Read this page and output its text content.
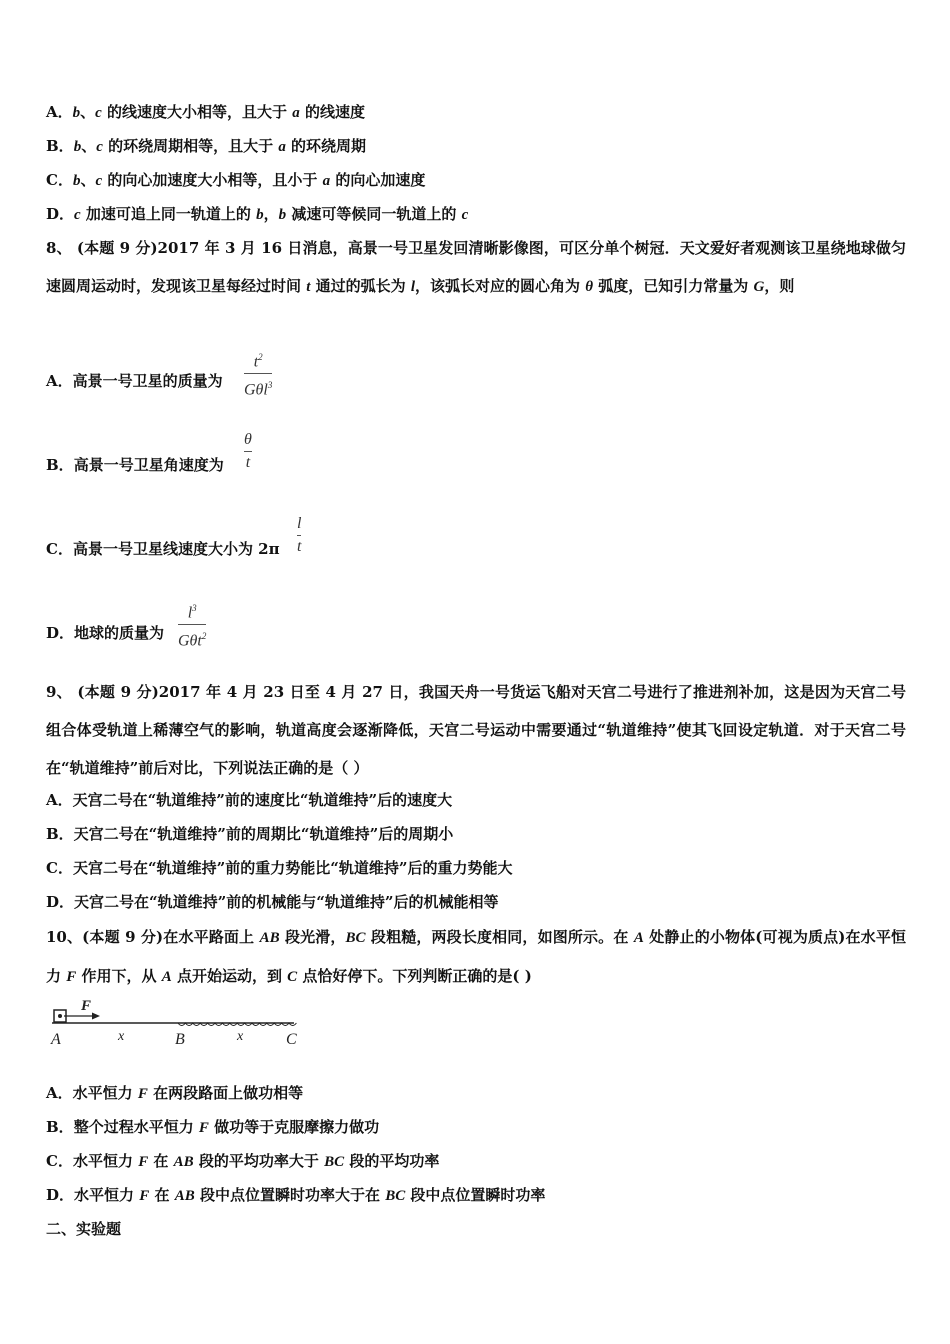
A．b、c 的线速度大小相等，且大于 a 的线速度
B．b、c 的环绕周期相等，且大于 a 的环绕周期
C．b、c 的向心加速度大小相等，且小于 a 的向心加速度
D．c 加速可追上同一轨道上的 b，b 减速可等候同一轨道上的 c
8、 (本题 9 分)2017 年 3 月 16 日消息，高景一号卫星发回清晰影像图，可区分单个树冠．天文爱好者观测该卫星绕地球做匀速圆周运动时，发现该卫星每经过时间 t 通过的弧长为 l，该弧长对应的圆心角为 θ 弧度，已知引力常量为 G，则
A．高景一号卫星的质量为
$t^2$
Gθl$^3$
B．高景一号卫星角速度为
θ
t
C．高景一号卫星线速度大小为 2π
l
t
D．地球的质量为
$l^3$
Gθt$^2$
9、 (本题 9 分)2017 年 4 月 23 日至 4 月 27 日，我国天舟一号货运飞船对天宫二号进行了推进剂补加，这是因为天宫二号组合体受轨道上稀薄空气的影响，轨道高度会逐渐降低，天宫二号运动中需要通过“轨道维持”使其飞回设定轨道．对于天宫二号在“轨道维持”前后对比，下列说法正确的是（ ）
A．天宫二号在“轨道维持”前的速度比“轨道维持”后的速度大
B．天宫二号在“轨道维持”前的周期比“轨道维持”后的周期小
C．天宫二号在“轨道维持”前的重力势能比“轨道维持”后的重力势能大
D．天宫二号在“轨道维持”前的机械能与“轨道维持”后的机械能相等
10、(本题 9 分)在水平路面上 AB 段光滑，BC 段粗糙，两段长度相同，如图所示。在 A 处静止的小物体(可视为质点)在水平恒力 F 作用下，从 A 点开始运动，到 C 点恰好停下。下列判断正确的是( )
F
A	x	B	x	C
A．水平恒力 F 在两段路面上做功相等
B．整个过程水平恒力 F 做功等于克服摩擦力做功
C．水平恒力 F 在 AB 段的平均功率大于 BC 段的平均功率
D．水平恒力 F 在 AB 段中点位置瞬时功率大于在 BC 段中点位置瞬时功率
二、实验题
